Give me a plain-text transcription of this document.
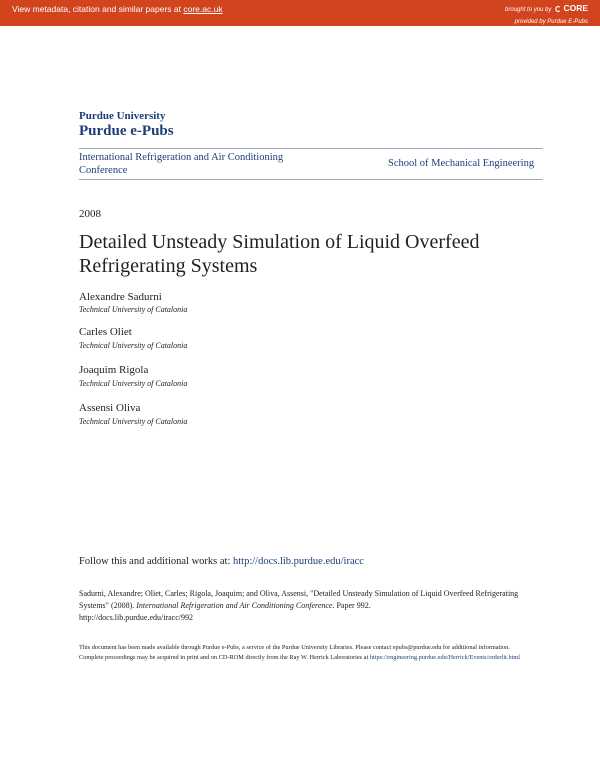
View metadata, citation and similar papers at core.ac.uk	brought to you by CORE
provided by Purdue E-Pubs
Purdue University
Purdue e-Pubs
International Refrigeration and Air Conditioning Conference
School of Mechanical Engineering
2008
Detailed Unsteady Simulation of Liquid Overfeed Refrigerating Systems
Alexandre Sadurni
Technical University of Catalonia
Carles Oliet
Technical University of Catalonia
Joaquim Rigola
Technical University of Catalonia
Assensi Oliva
Technical University of Catalonia
Follow this and additional works at: http://docs.lib.purdue.edu/iracc
Sadurni, Alexandre; Oliet, Carles; Rigola, Joaquim; and Oliva, Assensi, "Detailed Unsteady Simulation of Liquid Overfeed Refrigerating Systems" (2008). International Refrigeration and Air Conditioning Conference. Paper 992.
http://docs.lib.purdue.edu/iracc/992
This document has been made available through Purdue e-Pubs, a service of the Purdue University Libraries. Please contact epubs@purdue.edu for additional information.
Complete proceedings may be acquired in print and on CD-ROM directly from the Ray W. Herrick Laboratories at https://engineering.purdue.edu/Herrick/Events/orderlit.html
